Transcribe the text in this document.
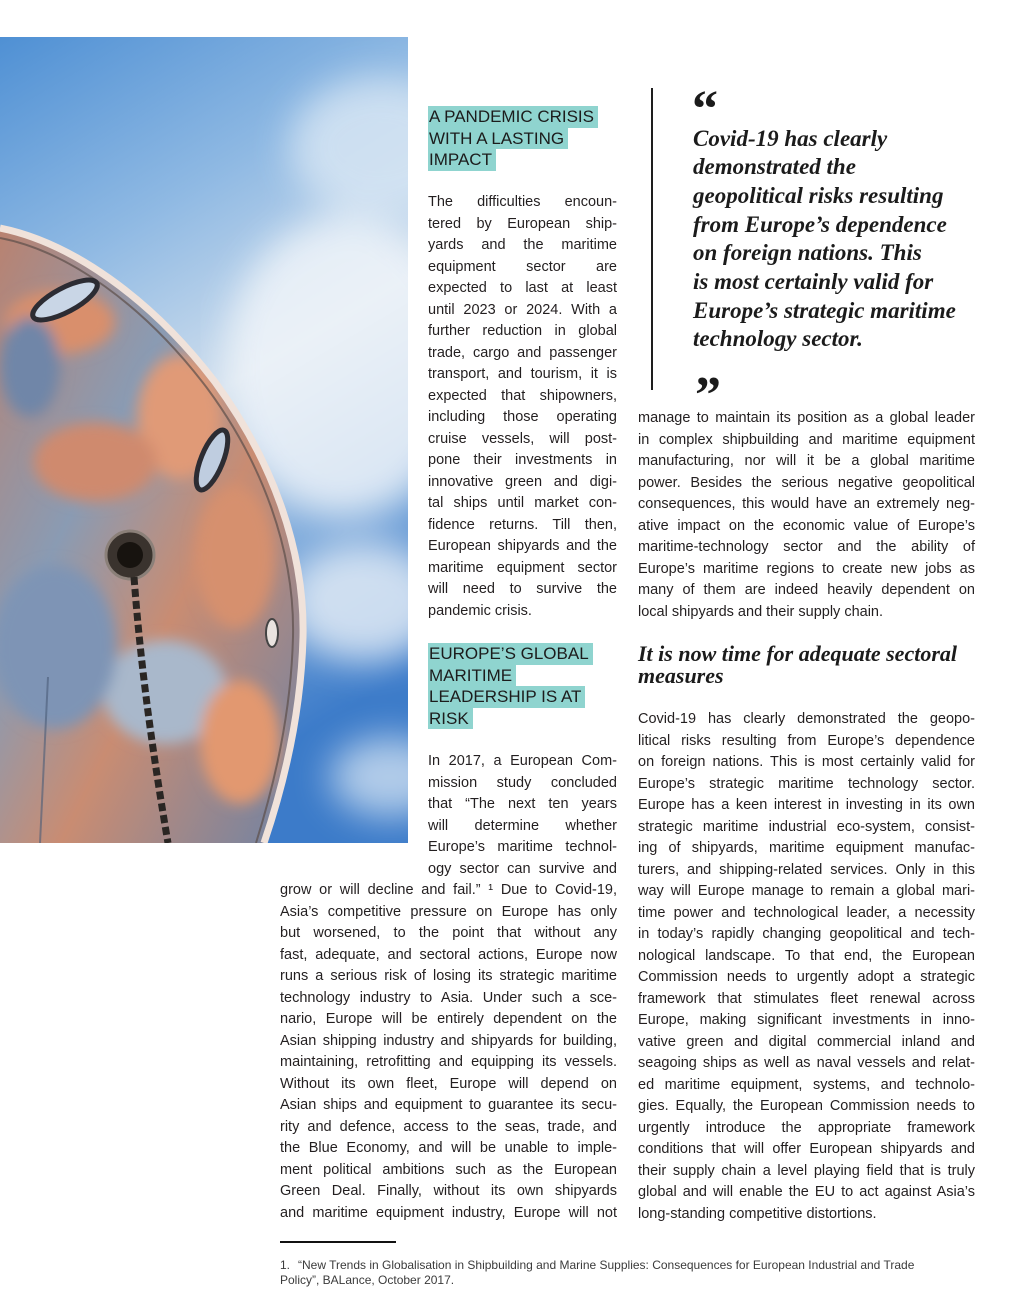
A PANDEMIC CRISIS
WITH A LASTING
IMPACT
The difficulties encoun-
tered by European ship-
yards and the maritime
equipment sector are
expected to last at least
until 2023 or 2024. With a
further reduction in global
trade, cargo and passenger
transport, and tourism, it is
expected that shipowners,
including those operating
cruise vessels, will post-
pone their investments in
innovative green and digi-
tal ships until market con-
fidence returns. Till then,
European shipyards and the
maritime equipment sector
will need to survive the
pandemic crisis.
EUROPE’S GLOBAL
MARITIME
LEADERSHIP IS AT
RISK
In 2017, a European Com-
mission study concluded
that “The next ten years
will determine whether
Europe’s maritime technol-
ogy sector can survive and
grow or will decline and fail.” ¹ Due to Covid-19,
Asia’s competitive pressure on Europe has only
but worsened, to the point that without any
fast, adequate, and sectoral actions, Europe now
runs a serious risk of losing its strategic maritime
technology industry to Asia. Under such a sce-
nario, Europe will be entirely dependent on the
Asian shipping industry and shipyards for building,
maintaining, retrofitting and equipping its vessels.
Without its own fleet, Europe will depend on
Asian ships and equipment to guarantee its secu-
rity and defence, access to the seas, trade, and
the Blue Economy, and will be unable to imple-
ment political ambitions such as the European
Green Deal. Finally, without its own shipyards
and maritime equipment industry, Europe will not
“
Covid-19 has clearly
demonstrated the
geopolitical risks resulting
from Europe’s dependence
on foreign nations. This
is most certainly valid for
Europe’s strategic maritime
technology sector.
”
manage to maintain its position as a global leader
in complex shipbuilding and maritime equipment
manufacturing, nor will it be a global maritime
power. Besides the serious negative geopolitical
consequences, this would have an extremely neg-
ative impact on the economic value of Europe’s
maritime-technology sector and the ability of
Europe’s maritime regions to create new jobs as
many of them are indeed heavily dependent on
local shipyards and their supply chain.
It is now time for adequate sectoral
measures
Covid-19 has clearly demonstrated the geopo-
litical risks resulting from Europe’s dependence
on foreign nations. This is most certainly valid for
Europe’s strategic maritime technology sector.
Europe has a keen interest in investing in its own
strategic maritime industrial eco-system, consist-
ing of shipyards, maritime equipment manufac-
turers, and shipping-related services. Only in this
way will Europe manage to remain a global mari-
time power and technological leader, a necessity
in today’s rapidly changing geopolitical and tech-
nological landscape. To that end, the European
Commission needs to urgently adopt a strategic
framework that stimulates fleet renewal across
Europe, making significant investments in inno-
vative green and digital commercial inland and
seagoing ships as well as naval vessels and relat-
ed maritime equipment, systems, and technolo-
gies. Equally, the European Commission needs to
urgently introduce the appropriate framework
conditions that will offer European shipyards and
their supply chain a level playing field that is truly
global and will enable the EU to act against Asia’s
long-standing competitive distortions.
1. “New Trends in Globalisation in Shipbuilding and Marine Supplies: Consequences for European Industrial and Trade
Policy”, BALance, October 2017.
